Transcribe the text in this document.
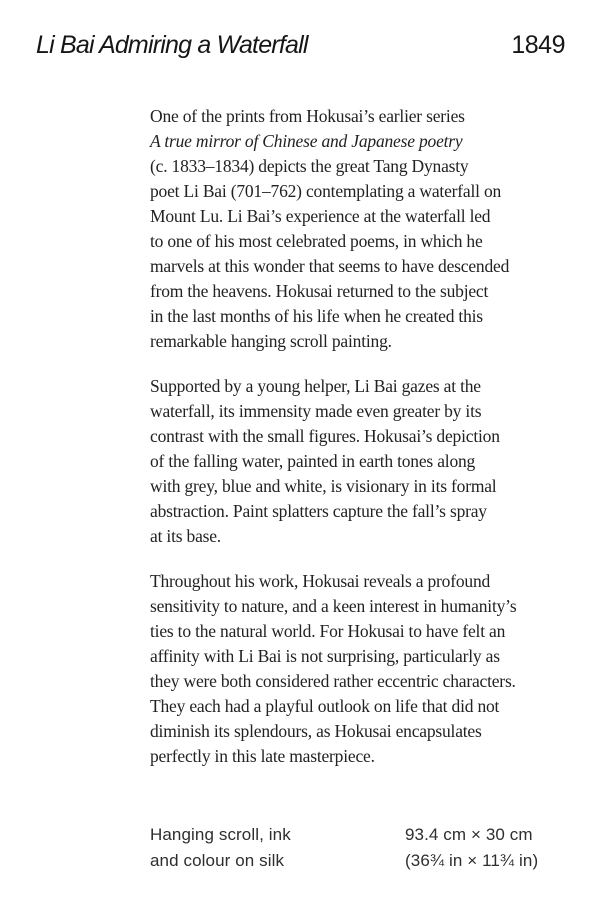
Li Bai Admiring a Waterfall	1849

One of the prints from Hokusai’s earlier series
A true mirror of Chinese and Japanese poetry
(c. 1833–1834) depicts the great Tang Dynasty
poet Li Bai (701–762) contemplating a waterfall on
Mount Lu. Li Bai’s experience at the waterfall led
to one of his most celebrated poems, in which he
marvels at this wonder that seems to have descended
from the heavens. Hokusai returned to the subject
in the last months of his life when he created this
remarkable hanging scroll painting.

Supported by a young helper, Li Bai gazes at the
waterfall, its immensity made even greater by its
contrast with the small figures. Hokusai’s depiction
of the falling water, painted in earth tones along
with grey, blue and white, is visionary in its formal
abstraction. Paint splatters capture the fall’s spray
at its base.

Throughout his work, Hokusai reveals a profound
sensitivity to nature, and a keen interest in humanity’s
ties to the natural world. For Hokusai to have felt an
affinity with Li Bai is not surprising, particularly as
they were both considered rather eccentric characters.
They each had a playful outlook on life that did not
diminish its splendours, as Hokusai encapsulates
perfectly in this late masterpiece.

Hanging scroll, ink
and colour on silk
93.4 cm × 30 cm
(36¾ in × 11¾ in)
